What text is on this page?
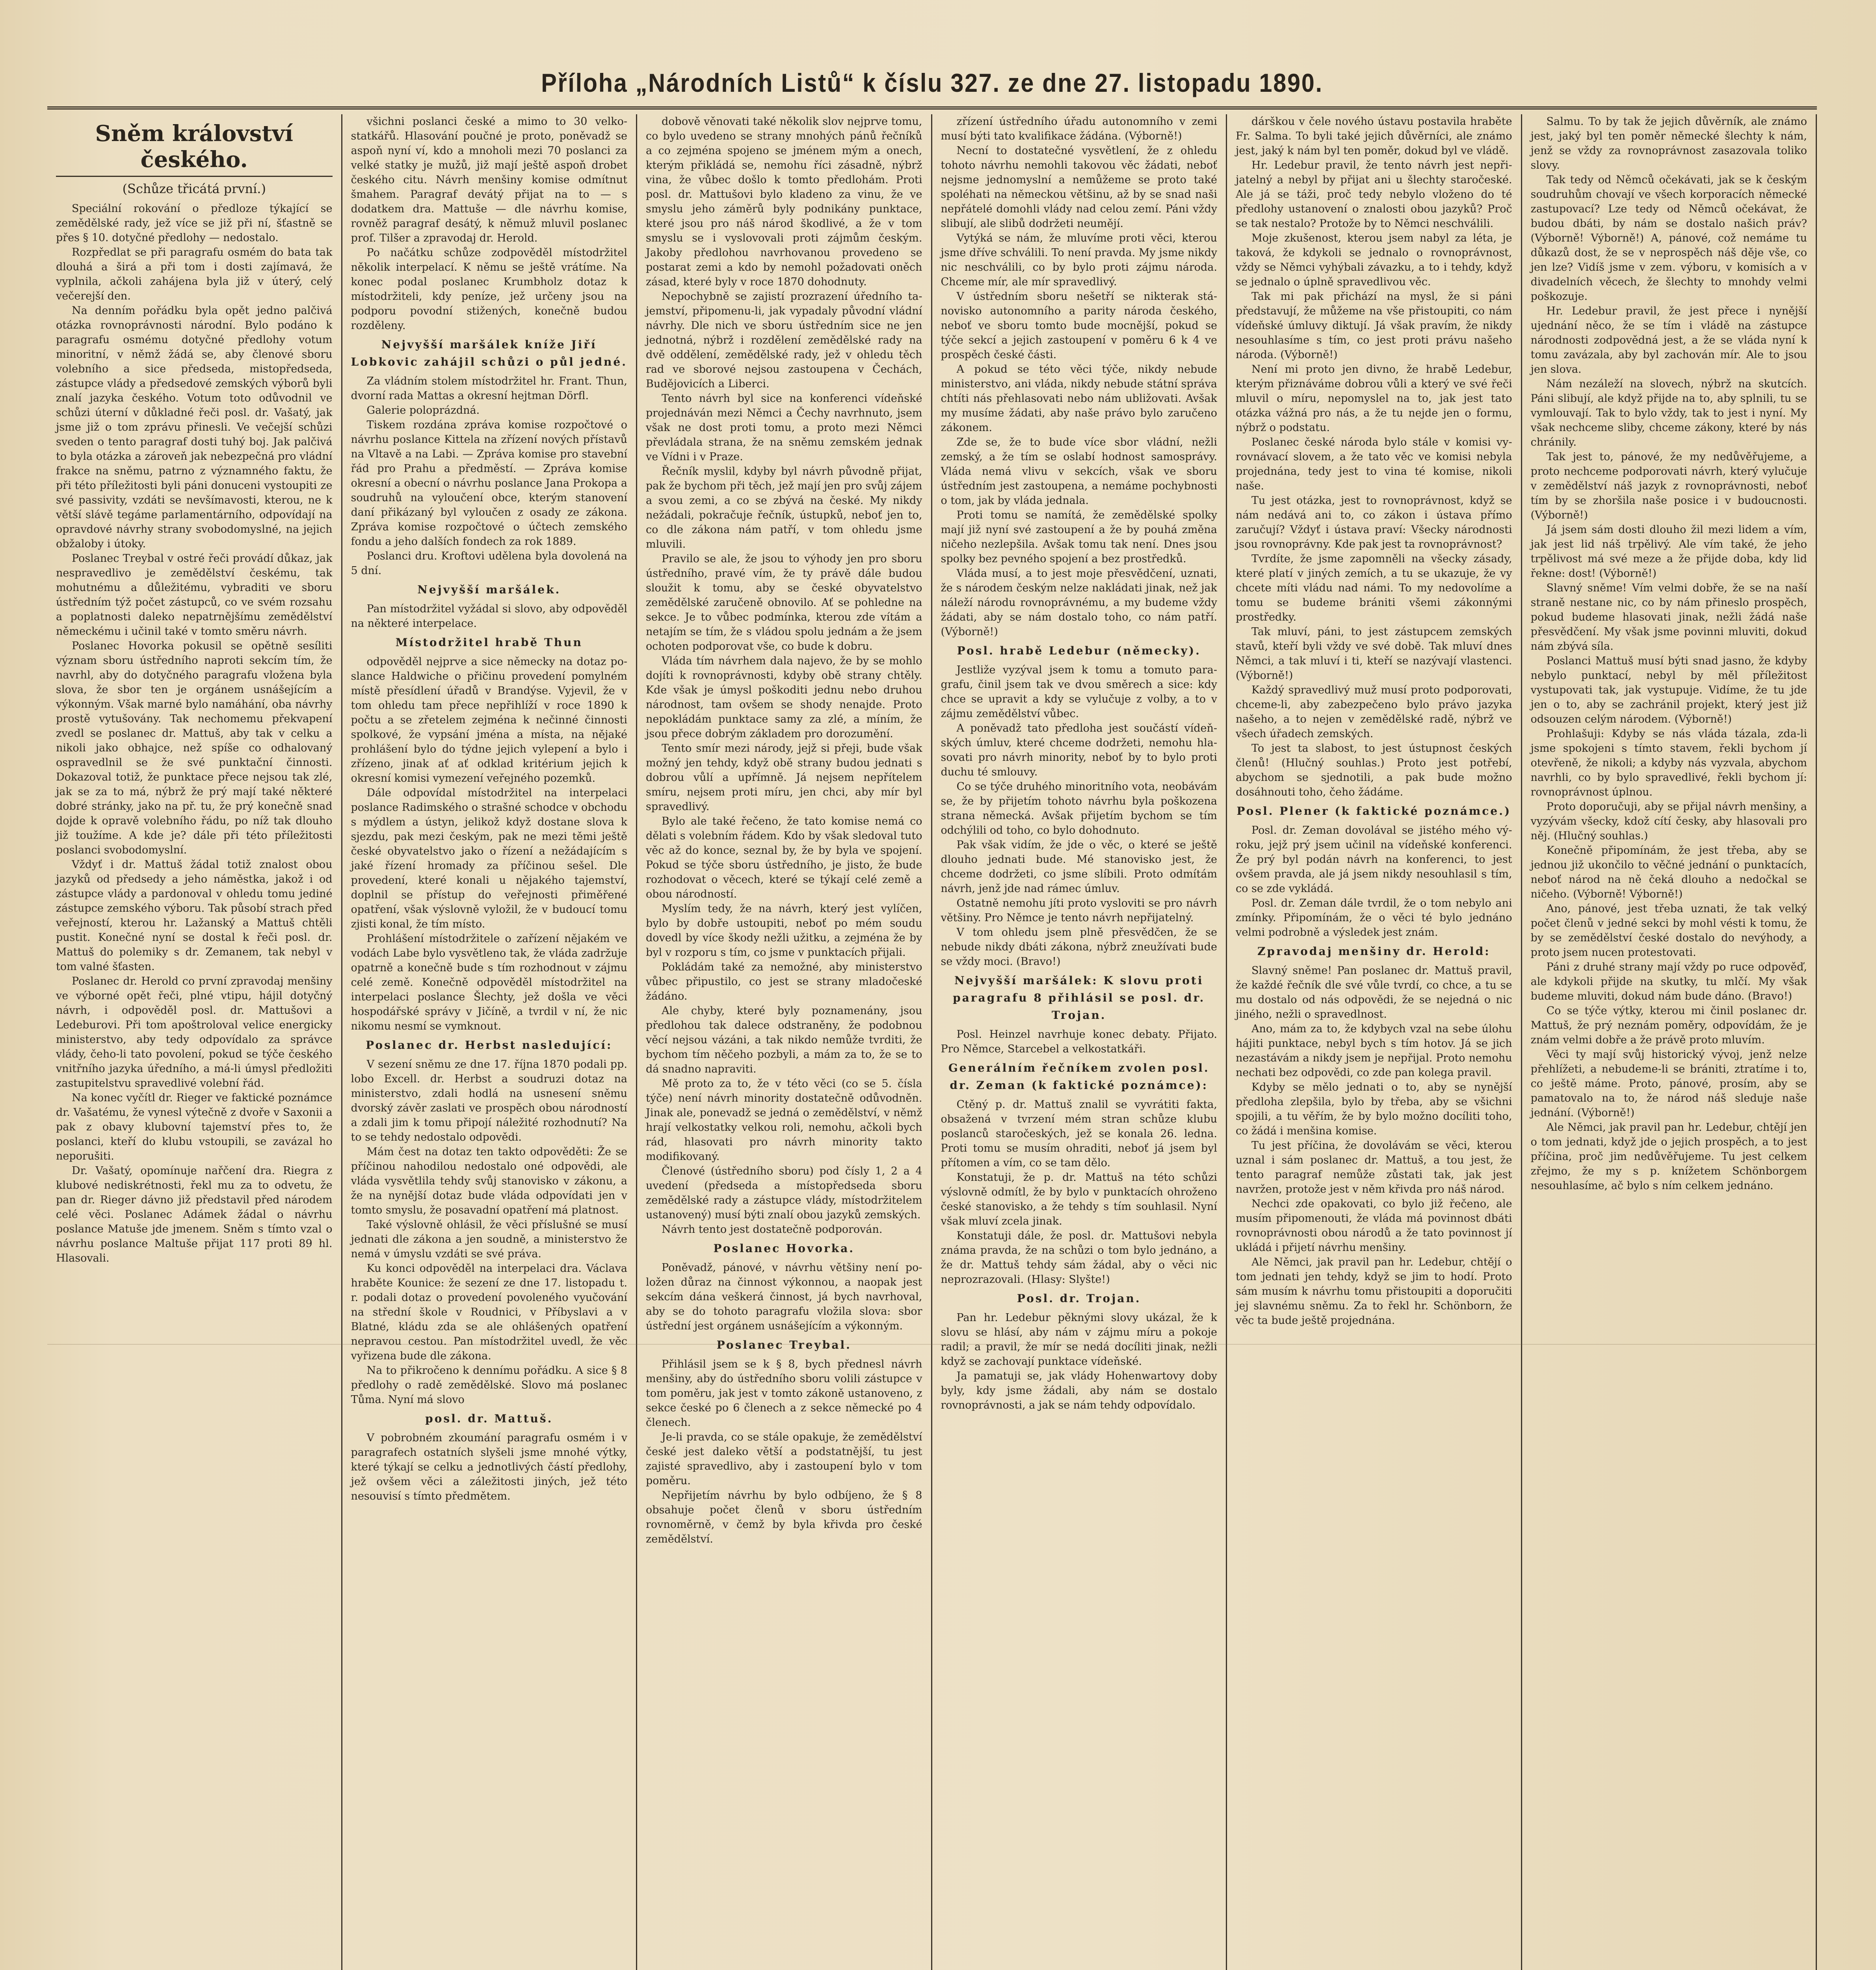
Příloha „Národních Listů“ k číslu 327. ze dne 27. listopadu 1890.
Sněm království českého.
(Schůze třicátá první.)

Speciální rokování o předloze týkající se zemědělské rady, jež více se již při ní, šťastně se přes § 10. dotyčné předlohy — nedostalo.

Rozpředlat se při paragrafu osmém do bata tak dlouhá a širá a při tom i dosti zajímavá, že vyplnila, ačkoli zahájena byla již v úterý, celý večerejší den.

Na denním pořádku byla opět jedno palčivá otázka rovnoprávnosti národní. Bylo podáno k paragrafu osmému dotyčné předlohy votum minoritní, v němž žádá se, aby členové sboru volebního a sice předseda, mistopředseda, zástupce vlády a předsedové zemských výborů byli znalí jazyka českého. Votum toto odůvodnil ve schůzi úterní v důkladné řeči posl. dr. Vašatý, jak jsme již o tom zprávu přinesli. Ve večejší schůzi sveden o tento paragraf dosti tuhý boj. Jak palčivá to byla otázka a zároveň jak nebezpečná pro vládní frakce na sněmu, patrno z významného faktu, že při této příležitosti byli páni donuceni vystoupiti ze své passivity, vzdáti se nevšímavosti, kterou, ne k větší slávě tegáme parlamentárního, odpovídají na opravdové návrhy strany svobodomyslné, na jejich obžaloby i útoky.

Poslanec Treybal v ostré řeči provádí důkaz, jak nespravedlivo je zemědělství českému, tak mohutnému a důležitému, vybraditi ve sboru ústředním týž počet zástupců, co ve svém rozsahu a poplatnosti daleko nepatrnějšímu zemědělství německému i učinil také v tomto směru návrh.

Poslanec Hovorka pokusil se opětně sesíliti význam sboru ústředního naproti sekcím tím, že navrhl, aby do dotyčného paragrafu vložena byla slova, že sbor ten je orgánem usnášejícím a výkonným. Však marné bylo namáhání, oba návrhy prostě vytušovány. Tak nechomemu překvapení zvedl se poslanec dr. Mattuš, aby tak v celku a nikoli jako obhajce, než spíše co odhalovaný ospravedlnil se že své punktační činnosti. Dokazoval totiž, že punktace přece nejsou tak zlé, jak se za to má, nýbrž že prý mají také některé dobré stránky, jako na př. tu, že prý konečně snad dojde k opravě volebního řádu, po níž tak dlouho již toužíme. A kde je? dále při této příležitosti poslanci svobodomyslní.

Vždyť i dr. Mattuš žádal totiž znalost obou jazyků od předsedy a jeho náměstka, jakož i od zástupce vlády a pardonoval v ohledu tomu jediné zástupce zemského výboru. Tak působí strach před veřejností, kterou hr. Lažanský a Mattuš chtěli pustit. Konečné nyní se dostal k řeči posl. dr. Mattuš do polemiky s dr. Zemanem, tak nebyl v tom valné šťasten.

Poslanec dr. Herold co první zpravodaj menšiny ve výborné opět řeči, plné vtipu, hájil dotyčný návrh, i odpověděl posl. dr. Mattušovi a Ledeburovi. Při tom apoštroloval velice energicky ministerstvo, aby tedy odpovídalo za správce vlády, čeho-li tato povolení, pokud se týče českého vnitřního jazyka úředního, a má-li úmysl předložiti zastupitelstvu spravedlivé volební řád.

Na konec vyčítl dr. Rieger ve faktické poznámce dr. Vašatému, že vynesl výtečně z dvoře v Saxonii a pak z obavy klubovní tajemství přes to, že poslanci, kteří do klubu vstoupili, se zavázal ho neporušiti.

Dr. Vašatý, opomínuje nařčení dra. Riegra z klubové nediskrétnosti, řekl mu za to odvetu, že pan dr. Rieger dávno již představil před národem celé věci. Poslanec Adámek žádal o návrhu poslance Matuše jde jmenem. Sněm s tímto vzal o návrhu poslance Maltuše přijat 117 proti 89 hl. Hlasovali.

všichni poslanci české a mimo to 30 velkostatkářů. Hlasování poučné je proto, poněvadž se aspoň nyní ví, kdo a mnoholi mezi 70 poslanci za velké statky je mužů, již mají ještě aspoň drobet českého citu. Návrh menšiny komise odmítnut šmahem. Paragraf devátý přijat na to — s dodatkem dra. Mattuše — dle návrhu komise, rovněž paragraf desátý, k němuž mluvil poslanec prof. Tilšer a zpravodaj dr. Herold.

Po načátku schůze zodpověděl místodržitel několik interpelací. K němu se ještě vrátíme. Na konec podal poslanec Krumbholz dotaz k místodržiteli, kdy peníze, jež určeny jsou na podporu povodní stižených, konečně budou rozděleny.

Nejvyšší maršálek kníže Jiří Lobkovic zahájil schůzi o půl jedné.

Za vládním stolem místodržitel hr. Frant. Thun, dvorní rada Mattas a okresní hejtman Dörfl.

Galerie poloprázdná.

Tiskem rozdána zpráva komise rozpočtové o návrhu poslance Kittela na zřízení nových přístavů na Vltavě a na Labi. — Zpráva komise pro stavební řád pro Prahu a předměstí. — Zpráva komise okresní a obecní o návrhu poslance Jana Prokopa a soudruhů na vyloučení obce, kterým stanovení daní přikázaný byl vyloučen z osady ze zákona. Zpráva komise rozpočtové o účtech zemského fondu a jeho dalších fondech za rok 1889.

Poslanci dru. Kroftovi udělena byla dovolená na 5 dní.

Nejvyšší maršálek.

Pan místodržitel vyžádal si slovo, aby odpověděl na některé interpelace.

Místodržitel hrabě Thun

odpověděl nejprve a sice německy na dotaz poslance Haldwiche o přičinu provedení pomylném místě přesídlení úřadů v Brandýse. Vyjevil, že v tom ohledu tam přece nepřihlíží v roce 1890 k počtu a se zřetelem zejména k nečinné činnosti spolkové, že vypsání jména a místa, na nějaké prohlášení bylo do týdne jejich vylepení a bylo i zřízeno, jinak ať ať odklad kritérium jejich k okresní komisi vymezení veřejného pozemků.

Dále odpovídal místodržitel na interpelaci poslance Radimského o strašné schodce v obchodu s mýdlem a ústyn, jelikož když dostane slova k sjezdu, pak mezi českým, pak ne mezi těmi ještě české obyvatelstvo jako o řízení a nežádajícím s jaké řízení hromady za příčinou sešel. Dle provedení, které konali u nějakého tajemství, doplnil se přístup do veřejnosti přiměřené opatření, však výslovně vyložil, že v budoucí tomu zjisti konal, že tím místo.

Prohlášení místodržitele o zařízení nějakém ve vodách Labe bylo vysvětleno tak, že vláda zadržuje opatrně a konečně bude s tím rozhodnout v zájmu celé země. Konečně odpověděl místodržitel na interpelaci poslance Šlechty, jež došla ve věci hospodářské správy v Jičíně, a tvrdil v ní, že nic nikomu nesmí se vymknout.

Poslanec dr. Herbst nasledující:

V sezení sněmu ze dne 17. října 1870 podali pp. lobo Excell. dr. Herbst a soudruzi dotaz na ministerstvo, zdali hodlá na usnesení sněmu dvorský závěr zaslati ve prospěch obou národností a zdali jim k tomu připojí náležité rozhodnutí? Na to se tehdy nedostalo odpovědi.

Mám čest na dotaz ten takto odpověděti: Že se příčinou nahodilou nedostalo oné odpovědi, ale vláda vysvětlila tehdy svůj stanovisko v zákonu, a že na nynější dotaz bude vláda odpovídati jen v tomto smyslu, že posavadní opatření má platnost.

Také výslovně ohlásil, že věci příslušné se musí jednati dle zákona a jen soudně, a ministerstvo že nemá v úmyslu vzdáti se své práva.

Ku konci odpověděl na interpelaci dra. Václava hraběte Kounice: že sezení ze dne 17. listopadu t. r. podali dotaz o provedení povoleného vyučování na střední škole v Roudnici, v Příbyslavi a v Blatné, kládu zda se ale ohlášených opatření nepravou cestou. Pan místodržitel uvedl, že věc vyřizena bude dle zákona.

Na to přikročeno k dennímu pořádku. A sice § 8 předlohy o radě zemědělské. Slovo má poslanec Tůma. Nyní má slovo

posl. dr. Mattuš.

V pobrobném zkoumání paragrafu osmém i v paragrafech ostatních slyšeli jsme mnohé výtky, které týkají se celku a jednotlivých částí předlohy, jež ovšem věci a záležitosti jiných, jež této nesouvisí s tímto předmětem.

dobově věnovati také několik slov nejprve tomu, co bylo uvedeno se strany mnohých pánů řečníků a co zejména spojeno se jménem mým a onech, kterým přikládá se, nemohu říci zásadně, nýbrž vina, že vůbec došlo k tomto předlohám. Proti posl. dr. Mattušovi bylo kladeno za vinu, že ve smyslu jeho záměrů byly podnikány punktace, které jsou pro náš národ škodlivé, a že v tom smyslu se i vyslovovali proti zájmům českým. Jakoby předlohou navrhovanou provedeno se postarat zemi a kdo by nemohl požadovati oněch zásad, které byly v roce 1870 dohodnuty.

Nepochybně se zajistí prozrazení úředního tajemství, připomenu-li, jak vypadaly původní vládní návrhy. Dle nich ve sboru ústředním sice ne jen jednotná, nýbrž i rozdělení zemědělské rady na dvě oddělení, zemědělské rady, jež v ohledu těch rad ve sborové nejsou zastoupena v Čechách, Budějovicích a Liberci.

Tento návrh byl sice na konferenci vídeňské projednáván mezi Němci a Čechy navrhnuto, jsem však ne dost proti tomu, a proto mezi Němci převládala strana, že na sněmu zemském jednak ve Vídni i v Praze.

Řečník myslil, kdyby byl návrh původně přijat, pak že bychom při těch, jež mají jen pro svůj zájem a svou zemi, a co se zbývá na české. My nikdy nežádali, pokračuje řečník, ústupků, neboť jen to, co dle zákona nám patří, v tom ohledu jsme mluvili.

Pravilo se ale, že jsou to výhody jen pro sboru ústředního, pravé vím, že ty právě dále budou sloužit k tomu, aby se české obyvatelstvo zemědělské zaručeně obnovilo. Ať se pohledne na sekce. Je to vůbec podmínka, kterou zde vítám a netajím se tím, že s vládou spolu jednám a že jsem ochoten podporovat vše, co bude k dobru.

Vláda tím návrhem dala najevo, že by se mohlo dojíti k rovnoprávnosti, kdyby obě strany chtěly. Kde však je úmysl poškoditi jednu nebo druhou národnost, tam ovšem se shody nenajde. Proto nepokládám punktace samy za zlé, a míním, že jsou přece dobrým základem pro dorozumění.

Tento smír mezi národy, jejž si přeji, bude však možný jen tehdy, když obě strany budou jednati s dobrou vůlí a upřímně. Já nejsem nepřítelem smíru, nejsem proti míru, jen chci, aby mír byl spravedlivý.

Bylo ale také řečeno, že tato komise nemá co dělati s volebním řádem. Kdo by však sledoval tuto věc až do konce, seznal by, že by byla ve spojení. Pokud se týče sboru ústředního, je jisto, že bude rozhodovat o věcech, které se týkají celé země a obou národností.

Myslím tedy, že na návrh, který jest vylíčen, bylo by dobře ustoupiti, neboť po mém soudu dovedl by více škody nežli užitku, a zejména že by byl v rozporu s tím, co jsme v punktacích přijali.

Pokládám také za nemožné, aby ministerstvo vůbec připustilo, co jest se strany mladočeské žádáno.

Ale chyby, které byly poznamenány, jsou předlohou tak dalece odstraněny, že podobnou věcí nejsou vázáni, a tak nikdo nemůže tvrditi, že bychom tím něčeho pozbyli, a mám za to, že se to dá snadno napraviti.

Mě proto za to, že v této věci (co se 5. čísla týče) není návrh minority dostatečně odůvodněn. Jinak ale, ponevadž se jedná o zemědělství, v němž hrají velkostatky velkou roli, nemohu, ačkoli bych rád, hlasovati pro návrh minority takto modifikovaný.

Členové (ústředního sboru) pod čísly 1, 2 a 4 uvedení (předseda a místopředseda sboru zemědělské rady a zástupce vlády, místodržitelem ustanovený) musí býti znalí obou jazyků zemských.

Návrh tento jest dostatečně podporován.

Poslanec Hovorka.

Poněvadž, pánové, v návrhu většiny není položen důraz na činnost výkonnou, a naopak jest sekcím dána veškerá činnost, já bych navrhoval, aby se do tohoto paragrafu vložila slova: sbor ústřední jest orgánem usnášejícím a výkonným.

Poslanec Treybal.

Přihlásil jsem se k § 8, bych přednesl návrh menšiny, aby do ústředního sboru volili zástupce v tom poměru, jak jest v tomto zákoně ustanoveno, z sekce české po 6 členech a z sekce německé po 4 členech.

Je-li pravda, co se stále opakuje, že zemědělství české jest daleko větší a podstatnější, tu jest zajisté spravedlivo, aby i zastoupení bylo v tom poměru.

Nepřijetím návrhu by bylo odbíjeno, že § 8 obsahuje počet členů v sboru ústředním rovnoměrně, v čemž by byla křivda pro české zemědělství.

zřízení ústředního úřadu autonomního v zemi musí býti tato kvalifikace žádána. (Výborně!)

Necní to dostatečné vysvětlení, že z ohledu tohoto návrhu nemohli takovou věc žádati, neboť nejsme jednomyslní a nemůžeme se proto také spoléhati na německou většinu, až by se snad naši nepřátelé domohli vlády nad celou zemí. Páni vždy slibují, ale slibů dodržeti neumějí.

Vytýká se nám, že mluvíme proti věci, kterou jsme dříve schválili. To není pravda. My jsme nikdy nic neschválili, co by bylo proti zájmu národa. Chceme mír, ale mír spravedlivý.

V ústředním sboru nešetří se nikterak stánovisko autonomního a parity národa českého, neboť ve sboru tomto bude mocnější, pokud se týče sekcí a jejich zastoupení v poměru 6 k 4 ve prospěch české části.

A pokud se této věci týče, nikdy nebude ministerstvo, ani vláda, nikdy nebude státní správa chtíti nás přehlasovati nebo nám ubližovati. Avšak my musíme žádati, aby naše právo bylo zaručeno zákonem.

Zde se, že to bude více sbor vládní, nežli zemský, a že tím se oslabí hodnost samosprávy. Vláda nemá vlivu v sekcích, však ve sboru ústředním jest zastoupena, a nemáme pochybnosti o tom, jak by vláda jednala.

Proti tomu se namítá, že zemědělské spolky mají již nyní své zastoupení a že by pouhá změna ničeho nezlepšila. Avšak tomu tak není. Dnes jsou spolky bez pevného spojení a bez prostředků.

Vláda musí, a to jest moje přesvědčení, uznati, že s národem českým nelze nakládati jinak, než jak náleží národu rovnoprávnému, a my budeme vždy žádati, aby se nám dostalo toho, co nám patří. (Výborně!)

Posl. hrabě Ledebur (německy).

Jestliže vyzýval jsem k tomu a tomuto paragrafu, činil jsem tak ve dvou směrech a sice: kdy chce se upravit a kdy se vylučuje z volby, a to v zájmu zemědělství vůbec.

A poněvadž tato předloha jest součástí vídeňských úmluv, které chceme dodržeti, nemohu hlasovati pro návrh minority, neboť by to bylo proti duchu té smlouvy.

Co se týče druhého minoritního vota, neobávám se, že by přijetím tohoto návrhu byla poškozena strana německá. Avšak přijetím bychom se tím odchýlili od toho, co bylo dohodnuto.

Pak však vidím, že jde o věc, o které se ještě dlouho jednati bude. Mé stanovisko jest, že chceme dodržeti, co jsme slíbili. Proto odmítám návrh, jenž jde nad rámec úmluv.

Ostatně nemohu jíti proto vysloviti se pro návrh většiny. Pro Němce je tento návrh nepřijatelný.

V tom ohledu jsem plně přesvědčen, že se nebude nikdy dbáti zákona, nýbrž zneužívati bude se vždy moci. (Bravo!)

Nejvyšší maršálek: K slovu proti paragrafu 8 přihlásil se posl. dr. Trojan.

Posl. Heinzel navrhuje konec debaty. Přijato. Pro Němce, Starcebel a velkostatkáři.

Generálním řečníkem zvolen posl. dr. Zeman (k faktické poznámce):

Ctěný p. dr. Mattuš znalil se vyvrátiti fakta, obsažená v tvrzení mém stran schůze klubu poslanců staročeských, jež se konala 26. ledna. Proti tomu se musím ohraditi, neboť já jsem byl přítomen a vím, co se tam dělo.

Konstatuji, že p. dr. Mattuš na této schůzi výslovně odmítl, že by bylo v punktacích ohroženo české stanovisko, a že tehdy s tím souhlasil. Nyní však mluví zcela jinak.

Konstatuji dále, že posl. dr. Mattušovi nebyla známa pravda, že na schůzi o tom bylo jednáno, a že dr. Mattuš tehdy sám žádal, aby o věci nic neprozrazovali. (Hlasy: Slyšte!)

Posl. dr. Trojan.

Pan hr. Ledebur pěknými slovy ukázal, že k slovu se hlásí, aby nám v zájmu míru a pokoje radil; a pravil, že mír se nedá docíliti jinak, nežli když se zachovají punktace vídeňské.

Ja pamatuji se, jak vlády Hohenwartovy doby byly, kdy jsme žádali, aby nám se dostalo rovnoprávnosti, a jak se nám tehdy odpovídalo.

dárškou v čele nového ústavu postavila hraběte Fr. Salma. To byli také jejich důvěrníci, ale známo jest, jaký k nám byl ten poměr, dokud byl ve vládě.

Hr. Ledebur pravil, že tento návrh jest nepřijatelný a nebyl by přijat ani u šlechty staročeské. Ale já se táži, proč tedy nebylo vloženo do té předlohy ustanovení o znalosti obou jazyků? Proč se tak nestalo? Protože by to Němci neschválili.

Moje zkušenost, kterou jsem nabyl za léta, je taková, že kdykoli se jednalo o rovnoprávnost, vždy se Němci vyhýbali závazku, a to i tehdy, když se jednalo o úplně spravedlivou věc.

Tak mi pak přichází na mysl, že si páni představují, že můžeme na vše přistoupiti, co nám vídeňské úmluvy diktují. Já však pravím, že nikdy nesouhlasíme s tím, co jest proti právu našeho národa. (Výborně!)

Není mi proto jen divno, že hrabě Ledebur, kterým přiznáváme dobrou vůli a který ve své řeči mluvil o míru, nepomyslel na to, jak jest tato otázka vážná pro nás, a že tu nejde jen o formu, nýbrž o podstatu.

Poslanec české národa bylo stále v komisi vyrovnávací slovem, a že tato věc ve komisi nebyla projednána, tedy jest to vina té komise, nikoli naše.

Tu jest otázka, jest to rovnoprávnost, když se nám nedává ani to, co zákon i ústava přímo zaručují? Vždyť i ústava praví: Všecky národnosti jsou rovnoprávny. Kde pak jest ta rovnoprávnost?

Tvrdíte, že jsme zapomněli na všecky zásady, které platí v jiných zemích, a tu se ukazuje, že vy chcete míti vládu nad námi. To my nedovolíme a tomu se budeme brániti všemi zákonnými prostředky.

Tak mluví, páni, to jest zástupcem zemských stavů, kteří byli vždy ve své době. Tak mluví dnes Němci, a tak mluví i ti, kteří se nazývají vlastenci. (Výborně!)

Každý spravedlivý muž musí proto podporovati, chceme-li, aby zabezpečeno bylo právo jazyka našeho, a to nejen v zemědělské radě, nýbrž ve všech úřadech zemských.

To jest ta slabost, to jest ústupnost českých členů! (Hlučný souhlas.) Proto jest potřebí, abychom se sjednotili, a pak bude možno dosáhnouti toho, čeho žádáme.

Posl. Plener (k faktické poznámce.)

Posl. dr. Zeman dovolával se jistého mého výroku, jejž prý jsem učinil na vídeňské konferenci. Že prý byl podán návrh na konferenci, to jest ovšem pravda, ale já jsem nikdy nesouhlasil s tím, co se zde vykládá.

Posl. dr. Zeman dále tvrdil, že o tom nebylo ani zmínky. Připomínám, že o věci té bylo jednáno velmi podrobně a výsledek jest znám.

Zpravodaj menšiny dr. Herold:

Slavný sněme! Pan poslanec dr. Mattuš pravil, že každé řečník dle své vůle tvrdí, co chce, a tu se mu dostalo od nás odpovědi, že se nejedná o nic jiného, nežli o spravedlnost.

Ano, mám za to, že kdybych vzal na sebe úlohu hájiti punktace, nebyl bych s tím hotov. Já se jich nezastávám a nikdy jsem je nepřijal. Proto nemohu nechati bez odpovědi, co zde pan kolega pravil.

Kdyby se mělo jednati o to, aby se nynější předloha zlepšila, bylo by třeba, aby se všichni spojili, a tu věřím, že by bylo možno docíliti toho, co žádá i menšina komise.

Tu jest příčina, že dovolávám se věci, kterou uznal i sám poslanec dr. Mattuš, a tou jest, že tento paragraf nemůže zůstati tak, jak jest navržen, protože jest v něm křivda pro náš národ.

Nechci zde opakovati, co bylo již řečeno, ale musím připomenouti, že vláda má povinnost dbáti rovnoprávnosti obou národů a že tato povinnost jí ukládá i přijetí návrhu menšiny.

Ale Němci, jak pravil pan hr. Ledebur, chtějí o tom jednati jen tehdy, když se jim to hodí. Proto sám musím k návrhu tomu přistoupiti a doporučiti jej slavnému sněmu. Za to řekl hr. Schönborn, že věc ta bude ještě projednána.

Salmu. To by tak že jejich důvěrník, ale známo jest, jaký byl ten poměr německé šlechty k nám, jenž se vždy za rovnoprávnost zasazovala toliko slovy.

Tak tedy od Němců očekávati, jak se k českým soudruhům chovají ve všech korporacích německé zastupovací? Lze tedy od Němců očekávat, že budou dbáti, by nám se dostalo našich práv? (Výborně! Výborně!) A, pánové, což nemáme tu důkazů dost, že se v neprospěch náš děje vše, co jen lze? Vidíš jsme v zem. výboru, v komisích a v divadelních věcech, že šlechty to mnohdy velmi poškozuje.

Hr. Ledebur pravil, že jest přece i nynější ujednání něco, že se tím i vládě na zástupce národnosti zodpovědná jest, a že se vláda nyní k tomu zavázala, aby byl zachován mír. Ale to jsou jen slova.

Nám nezáleží na slovech, nýbrž na skutcích. Páni slibují, ale když přijde na to, aby splnili, tu se vymlouvají. Tak to bylo vždy, tak to jest i nyní. My však nechceme sliby, chceme zákony, které by nás chránily.

Tak jest to, pánové, že my nedůvěřujeme, a proto nechceme podporovati návrh, který vylučuje v zemědělství náš jazyk z rovnoprávnosti, neboť tím by se zhoršila naše posice i v budoucnosti. (Výborně!)

Já jsem sám dosti dlouho žil mezi lidem a vím, jak jest lid náš trpělivý. Ale vím také, že jeho trpělivost má své meze a že přijde doba, kdy lid řekne: dost! (Výborně!)

Slavný sněme! Vím velmi dobře, že se na naší straně nestane nic, co by nám přineslo prospěch, pokud budeme hlasovati jinak, nežli žádá naše přesvědčení. My však jsme povinni mluviti, dokud nám zbývá síla.

Poslanci Mattuš musí býti snad jasno, že kdyby nebylo punktací, nebyl by měl příležitost vystupovati tak, jak vystupuje. Vidíme, že tu jde jen o to, aby se zachránil projekt, který jest již odsouzen celým národem. (Výborně!)

Prohlašuji: Kdyby se nás vláda tázala, zda-li jsme spokojeni s tímto stavem, řekli bychom jí otevřeně, že nikoli; a kdyby nás vyzvala, abychom navrhli, co by bylo spravedlivé, řekli bychom jí: rovnoprávnost úplnou.

Proto doporučuji, aby se přijal návrh menšiny, a vyzývám všecky, kdož cítí česky, aby hlasovali pro něj. (Hlučný souhlas.)

Konečně připomínám, že jest třeba, aby se jednou již ukončilo to věčné jednání o punktacích, neboť národ na ně čeká dlouho a nedočkal se ničeho. (Výborně! Výborně!)

Ano, pánové, jest třeba uznati, že tak velký počet členů v jedné sekci by mohl vésti k tomu, že by se zemědělství české dostalo do nevýhody, a proto jsem nucen protestovati.

Páni z druhé strany mají vždy po ruce odpověď, ale kdykoli přijde na skutky, tu mlčí. My však budeme mluviti, dokud nám bude dáno. (Bravo!)

Co se týče výtky, kterou mi činil poslanec dr. Mattuš, že prý neznám poměry, odpovídám, že je znám velmi dobře a že právě proto mluvím.

Věci ty mají svůj historický vývoj, jenž nelze přehlížeti, a nebudeme-li se brániti, ztratíme i to, co ještě máme. Proto, pánové, prosím, aby se pamatovalo na to, že národ náš sleduje naše jednání. (Výborně!)

Ale Němci, jak pravil pan hr. Ledebur, chtějí jen o tom jednati, když jde o jejich prospěch, a to jest příčina, proč jim nedůvěřujeme. Tu jest celkem zřejmo, že my s p. knížetem Schönborgem nesouhlasíme, ač bylo s ním celkem jednáno.
